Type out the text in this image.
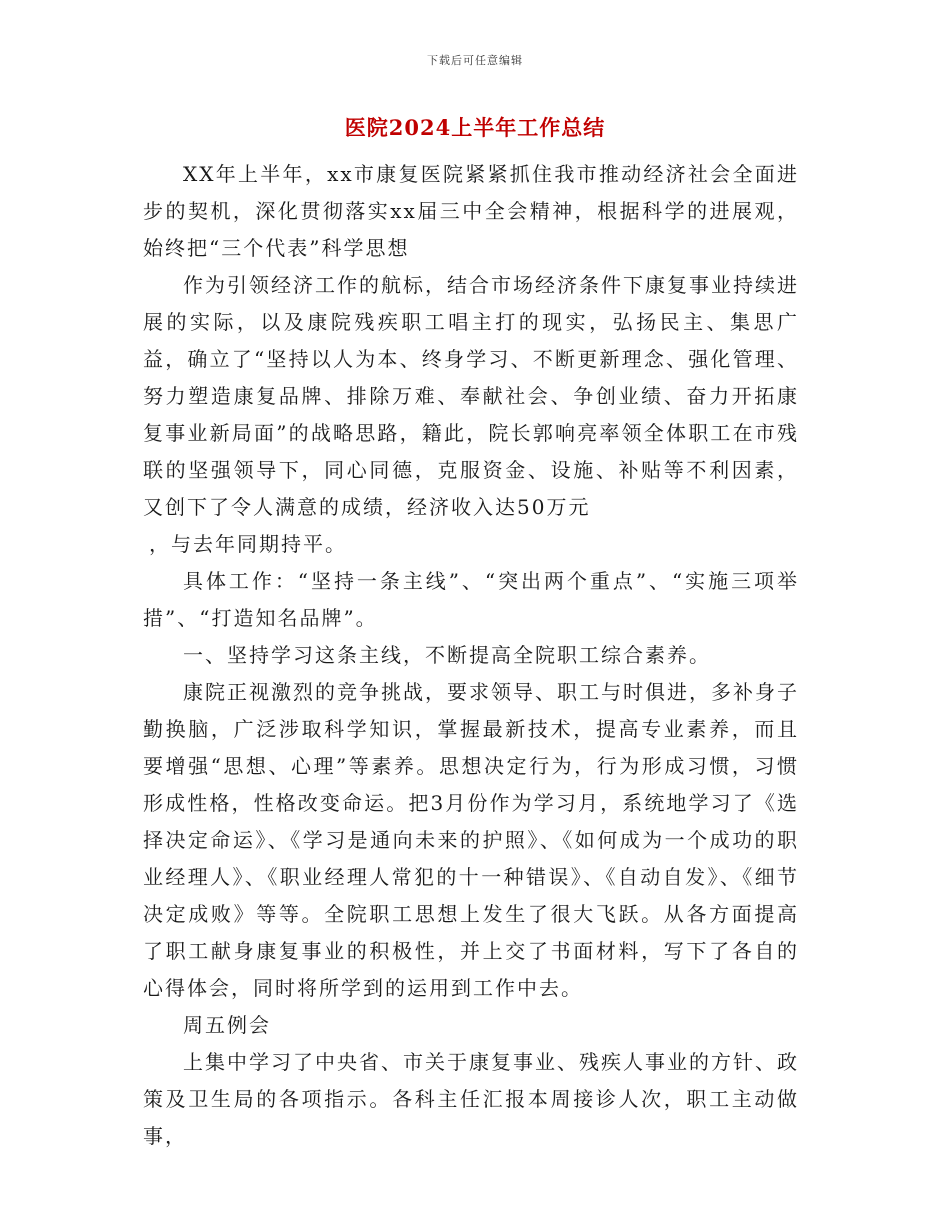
下载后可任意编辑
医院2024上半年工作总结

XX年上半年，xx市康复医院紧紧抓住我市推动经济社会全面进步的契机，深化贯彻落实xx届三中全会精神，根据科学的进展观，始终把“三个代表”科学思想

作为引领经济工作的航标，结合市场经济条件下康复事业持续进展的实际，以及康院残疾职工唱主打的现实，弘扬民主、集思广益，确立了“坚持以人为本、终身学习、不断更新理念、强化管理、努力塑造康复品牌、排除万难、奉献社会、争创业绩、奋力开拓康复事业新局面”的战略思路，籍此，院长郭响亮率领全体职工在市残联的坚强领导下，同心同德，克服资金、设施、补贴等不利因素，又创下了令人满意的成绩，经济收入达50万元

，与去年同期持平。

具体工作：“坚持一条主线”、“突出两个重点”、“实施三项举措”、“打造知名品牌”。

一、坚持学习这条主线，不断提高全院职工综合素养。

康院正视激烈的竞争挑战，要求领导、职工与时俱进，多补身子勤换脑，广泛涉取科学知识，掌握最新技术，提高专业素养，而且要增强“思想、心理”等素养。思想决定行为，行为形成习惯，习惯形成性格，性格改变命运。把3月份作为学习月，系统地学习了《选择决定命运》、《学习是通向未来的护照》、《如何成为一个成功的职业经理人》、《职业经理人常犯的十一种错误》、《自动自发》、《细节决定成败》等等。全院职工思想上发生了很大飞跃。从各方面提高了职工献身康复事业的积极性，并上交了书面材料，写下了各自的心得体会，同时将所学到的运用到工作中去。

周五例会

上集中学习了中央省、市关于康复事业、残疾人事业的方针、政策及卫生局的各项指示。各科主任汇报本周接诊人次，职工主动做事，
